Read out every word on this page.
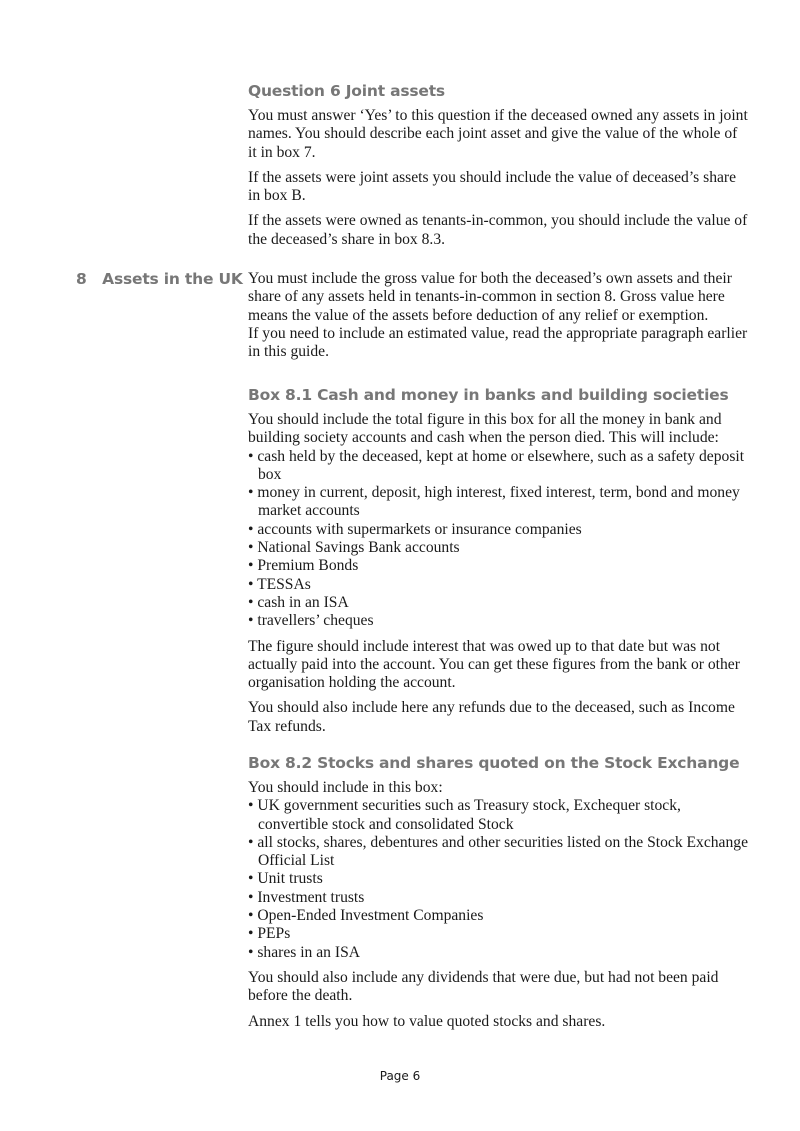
Question 6 Joint assets

You must answer ‘Yes’ to this question if the deceased owned any assets in joint names. You should describe each joint asset and give the value of the whole of it in box 7.

If the assets were joint assets you should include the value of deceased’s share in box B.

If the assets were owned as tenants-in-common, you should include the value of the deceased’s share in box 8.3.

8   Assets in the UK You must include the gross value for both the deceased’s own assets and their share of any assets held in tenants-in-common in section 8. Gross value here means the value of the assets before deduction of any relief or exemption.

If you need to include an estimated value, read the appropriate paragraph earlier in this guide.

Box 8.1 Cash and money in banks and building societies

You should include the total figure in this box for all the money in bank and building society accounts and cash when the person died. This will include:

• cash held by the deceased, kept at home or elsewhere, such as a safety deposit box
• money in current, deposit, high interest, fixed interest, term, bond and money market accounts
• accounts with supermarkets or insurance companies
• National Savings Bank accounts
• Premium Bonds
• TESSAs
• cash in an ISA
• travellers’ cheques

The figure should include interest that was owed up to that date but was not actually paid into the account. You can get these figures from the bank or other organisation holding the account.

You should also include here any refunds due to the deceased, such as Income Tax refunds.

Box 8.2 Stocks and shares quoted on the Stock Exchange

You should include in this box:

• UK government securities such as Treasury stock, Exchequer stock, convertible stock and consolidated Stock
• all stocks, shares, debentures and other securities listed on the Stock Exchange Official List
• Unit trusts
• Investment trusts
• Open-Ended Investment Companies
• PEPs
• shares in an ISA

You should also include any dividends that were due, but had not been paid before the death.

Annex 1 tells you how to value quoted stocks and shares.

Page 6
